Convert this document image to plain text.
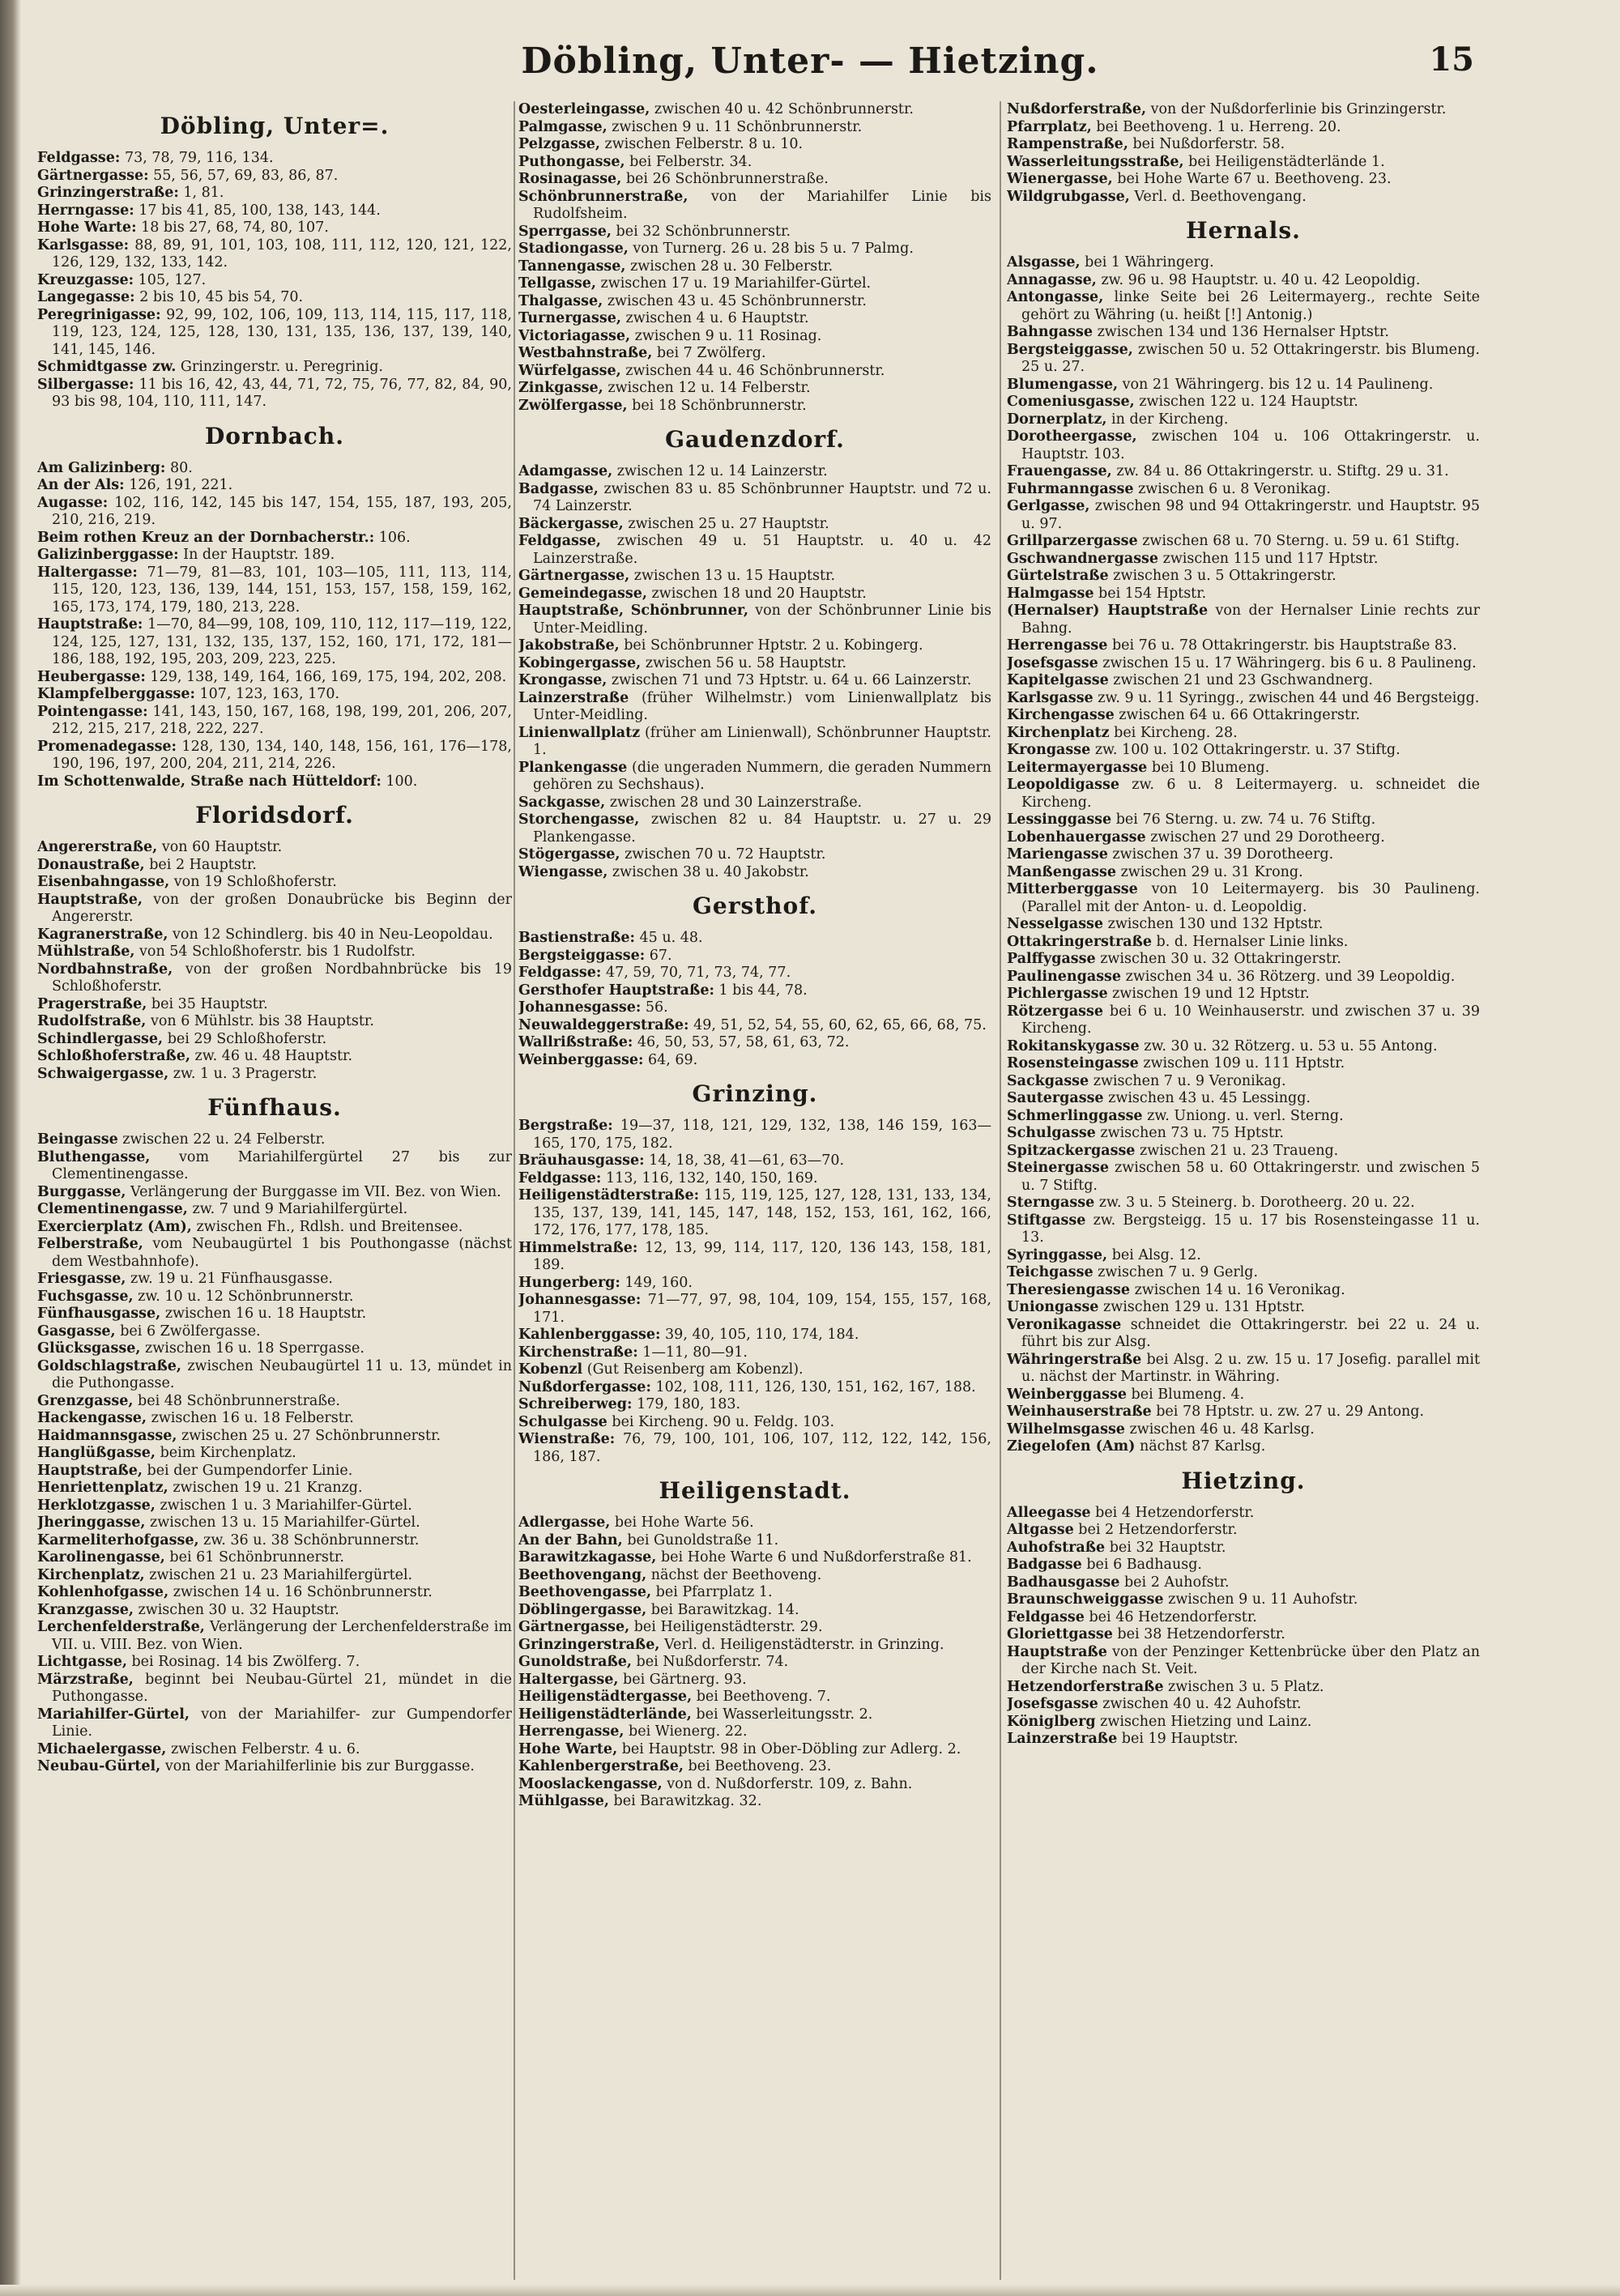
Döbling, Unter- — Hietzing.	15
Döbling, Unter=.

Feldgasse: 73, 78, 79, 116, 134.

Gärtnergasse: 55, 56, 57, 69, 83, 86, 87.

Grinzingerstraße: 1, 81.

Herrngasse: 17 bis 41, 85, 100, 138, 143, 144.

Hohe Warte: 18 bis 27, 68, 74, 80, 107.

Karlsgasse: 88, 89, 91, 101, 103, 108, 111, 112, 120, 121, 122, 126, 129, 132, 133, 142.

Kreuzgasse: 105, 127.

Langegasse: 2 bis 10, 45 bis 54, 70.

Peregrinigasse: 92, 99, 102, 106, 109, 113, 114, 115, 117, 118, 119, 123, 124, 125, 128, 130, 131, 135, 136, 137, 139, 140, 141, 145, 146.

Schmidtgasse zw. Grinzingerstr. u. Peregrinig.

Silbergasse: 11 bis 16, 42, 43, 44, 71, 72, 75, 76, 77, 82, 84, 90, 93 bis 98, 104, 110, 111, 147.

Dornbach.

Am Galizinberg: 80.

An der Als: 126, 191, 221.

Augasse: 102, 116, 142, 145 bis 147, 154, 155, 187, 193, 205, 210, 216, 219.

Beim rothen Kreuz an der Dornbacherstr.: 106.

Galizinberggasse: In der Hauptstr. 189.

Haltergasse: 71—79, 81—83, 101, 103—105, 111, 113, 114, 115, 120, 123, 136, 139, 144, 151, 153, 157, 158, 159, 162, 165, 173, 174, 179, 180, 213, 228.

Hauptstraße: 1—70, 84—99, 108, 109, 110, 112, 117—119, 122, 124, 125, 127, 131, 132, 135, 137, 152, 160, 171, 172, 181—186, 188, 192, 195, 203, 209, 223, 225.

Heubergasse: 129, 138, 149, 164, 166, 169, 175, 194, 202, 208.

Klampfelberggasse: 107, 123, 163, 170.

Pointengasse: 141, 143, 150, 167, 168, 198, 199, 201, 206, 207, 212, 215, 217, 218, 222, 227.

Promenadegasse: 128, 130, 134, 140, 148, 156, 161, 176—178, 190, 196, 197, 200, 204, 211, 214, 226.

Im Schottenwalde, Straße nach Hütteldorf: 100.

Floridsdorf.

Angererstraße, von 60 Hauptstr.

Donaustraße, bei 2 Hauptstr.

Eisenbahngasse, von 19 Schloßhoferstr.

Hauptstraße, von der großen Donaubrücke bis Beginn der Angererstr.

Kagranerstraße, von 12 Schindlerg. bis 40 in Neu-Leopoldau.

Mühlstraße, von 54 Schloßhoferstr. bis 1 Rudolfstr.

Nordbahnstraße, von der großen Nordbahnbrücke bis 19 Schloßhoferstr.

Pragerstraße, bei 35 Hauptstr.

Rudolfstraße, von 6 Mühlstr. bis 38 Hauptstr.

Schindlergasse, bei 29 Schloßhoferstr.

Schloßhoferstraße, zw. 46 u. 48 Hauptstr.

Schwaigergasse, zw. 1 u. 3 Pragerstr.

Fünfhaus.

Beingasse zwischen 22 u. 24 Felberstr.

Bluthengasse, vom Mariahilfergürtel 27 bis zur Clementinengasse.

Burggasse, Verlängerung der Burggasse im VII. Bez. von Wien.

Clementinengasse, zw. 7 und 9 Mariahilfergürtel.

Exercierplatz (Am), zwischen Fh., Rdlsh. und Breitensee.

Felberstraße, vom Neubaugürtel 1 bis Pouthongasse (nächst dem Westbahnhofe).

Friesgasse, zw. 19 u. 21 Fünfhausgasse.

Fuchsgasse, zw. 10 u. 12 Schönbrunnerstr.

Fünfhausgasse, zwischen 16 u. 18 Hauptstr.

Gasgasse, bei 6 Zwölfergasse.

Glücksgasse, zwischen 16 u. 18 Sperrgasse.

Goldschlagstraße, zwischen Neubaugürtel 11 u. 13, mündet in die Puthongasse.

Grenzgasse, bei 48 Schönbrunnerstraße.

Hackengasse, zwischen 16 u. 18 Felberstr.

Haidmannsgasse, zwischen 25 u. 27 Schönbrunnerstr.

Hanglüßgasse, beim Kirchenplatz.

Hauptstraße, bei der Gumpendorfer Linie.

Henriettenplatz, zwischen 19 u. 21 Kranzg.

Herklotzgasse, zwischen 1 u. 3 Mariahilfer-Gürtel.

Jheringgasse, zwischen 13 u. 15 Mariahilfer-Gürtel.

Karmeliterhofgasse, zw. 36 u. 38 Schönbrunnerstr.

Karolinengasse, bei 61 Schönbrunnerstr.

Kirchenplatz, zwischen 21 u. 23 Mariahilfergürtel.

Kohlenhofgasse, zwischen 14 u. 16 Schönbrunnerstr.

Kranzgasse, zwischen 30 u. 32 Hauptstr.

Lerchenfelderstraße, Verlängerung der Lerchenfelderstraße im VII. u. VIII. Bez. von Wien.

Lichtgasse, bei Rosinag. 14 bis Zwölferg. 7.

Märzstraße, beginnt bei Neubau-Gürtel 21, mündet in die Puthongasse.

Mariahilfer-Gürtel, von der Mariahilfer- zur Gumpendorfer Linie.

Michaelergasse, zwischen Felberstr. 4 u. 6.

Neubau-Gürtel, von der Mariahilferlinie bis zur Burggasse.

Oesterleingasse, zwischen 40 u. 42 Schönbrunnerstr.

Palmgasse, zwischen 9 u. 11 Schönbrunnerstr.

Pelzgasse, zwischen Felberstr. 8 u. 10.

Puthongasse, bei Felberstr. 34.

Rosinagasse, bei 26 Schönbrunnerstraße.

Schönbrunnerstraße, von der Mariahilfer Linie bis Rudolfsheim.

Sperrgasse, bei 32 Schönbrunnerstr.

Stadiongasse, von Turnerg. 26 u. 28 bis 5 u. 7 Palmg.

Tannengasse, zwischen 28 u. 30 Felberstr.

Tellgasse, zwischen 17 u. 19 Mariahilfer-Gürtel.

Thalgasse, zwischen 43 u. 45 Schönbrunnerstr.

Turnergasse, zwischen 4 u. 6 Hauptstr.

Victoriagasse, zwischen 9 u. 11 Rosinag.

Westbahnstraße, bei 7 Zwölferg.

Würfelgasse, zwischen 44 u. 46 Schönbrunnerstr.

Zinkgasse, zwischen 12 u. 14 Felberstr.

Zwölfergasse, bei 18 Schönbrunnerstr.

Gaudenzdorf.

Adamgasse, zwischen 12 u. 14 Lainzerstr.

Badgasse, zwischen 83 u. 85 Schönbrunner Hauptstr. und 72 u. 74 Lainzerstr.

Bäckergasse, zwischen 25 u. 27 Hauptstr.

Feldgasse, zwischen 49 u. 51 Hauptstr. u. 40 u. 42 Lainzerstraße.

Gärtnergasse, zwischen 13 u. 15 Hauptstr.

Gemeindegasse, zwischen 18 und 20 Hauptstr.

Hauptstraße, Schönbrunner, von der Schönbrunner Linie bis Unter-Meidling.

Jakobstraße, bei Schönbrunner Hptstr. 2 u. Kobingerg.

Kobingergasse, zwischen 56 u. 58 Hauptstr.

Krongasse, zwischen 71 und 73 Hptstr. u. 64 u. 66 Lainzerstr.

Lainzerstraße (früher Wilhelmstr.) vom Linienwallplatz bis Unter-Meidling.

Linienwallplatz (früher am Linienwall), Schönbrunner Hauptstr. 1.

Plankengasse (die ungeraden Nummern, die geraden Nummern gehören zu Sechshaus).

Sackgasse, zwischen 28 und 30 Lainzerstraße.

Storchengasse, zwischen 82 u. 84 Hauptstr. u. 27 u. 29 Plankengasse.

Stögergasse, zwischen 70 u. 72 Hauptstr.

Wiengasse, zwischen 38 u. 40 Jakobstr.

Gersthof.

Bastienstraße: 45 u. 48.

Bergsteiggasse: 67.

Feldgasse: 47, 59, 70, 71, 73, 74, 77.

Gersthofer Hauptstraße: 1 bis 44, 78.

Johannesgasse: 56.

Neuwaldeggerstraße: 49, 51, 52, 54, 55, 60, 62, 65, 66, 68, 75.

Wallrißstraße: 46, 50, 53, 57, 58, 61, 63, 72.

Weinberggasse: 64, 69.

Grinzing.

Bergstraße: 19—37, 118, 121, 129, 132, 138, 146 159, 163—165, 170, 175, 182.

Bräuhausgasse: 14, 18, 38, 41—61, 63—70.

Feldgasse: 113, 116, 132, 140, 150, 169.

Heiligenstädterstraße: 115, 119, 125, 127, 128, 131, 133, 134, 135, 137, 139, 141, 145, 147, 148, 152, 153, 161, 162, 166, 172, 176, 177, 178, 185.

Himmelstraße: 12, 13, 99, 114, 117, 120, 136 143, 158, 181, 189.

Hungerberg: 149, 160.

Johannesgasse: 71—77, 97, 98, 104, 109, 154, 155, 157, 168, 171.

Kahlenberggasse: 39, 40, 105, 110, 174, 184.

Kirchenstraße: 1—11, 80—91.

Kobenzl (Gut Reisenberg am Kobenzl).

Nußdorfergasse: 102, 108, 111, 126, 130, 151, 162, 167, 188.

Schreiberweg: 179, 180, 183.

Schulgasse bei Kircheng. 90 u. Feldg. 103.

Wienstraße: 76, 79, 100, 101, 106, 107, 112, 122, 142, 156, 186, 187.

Heiligenstadt.

Adlergasse, bei Hohe Warte 56.

An der Bahn, bei Gunoldstraße 11.

Barawitzkagasse, bei Hohe Warte 6 und Nußdorferstraße 81.

Beethovengang, nächst der Beethoveng.

Beethovengasse, bei Pfarrplatz 1.

Döblingergasse, bei Barawitzkag. 14.

Gärtnergasse, bei Heiligenstädterstr. 29.

Grinzingerstraße, Verl. d. Heiligenstädterstr. in Grinzing.

Gunoldstraße, bei Nußdorferstr. 74.

Haltergasse, bei Gärtnerg. 93.

Heiligenstädtergasse, bei Beethoveng. 7.

Heiligenstädterlände, bei Wasserleitungsstr. 2.

Herrengasse, bei Wienerg. 22.

Hohe Warte, bei Hauptstr. 98 in Ober-Döbling zur Adlerg. 2.

Kahlenbergerstraße, bei Beethoveng. 23.

Mooslackengasse, von d. Nußdorferstr. 109, z. Bahn.

Mühlgasse, bei Barawitzkag. 32.

Nußdorferstraße, von der Nußdorferlinie bis Grinzingerstr.

Pfarrplatz, bei Beethoveng. 1 u. Herreng. 20.

Rampenstraße, bei Nußdorferstr. 58.

Wasserleitungsstraße, bei Heiligenstädterlände 1.

Wienergasse, bei Hohe Warte 67 u. Beethoveng. 23.

Wildgrubgasse, Verl. d. Beethovengang.

Hernals.

Alsgasse, bei 1 Währingerg.

Annagasse, zw. 96 u. 98 Hauptstr. u. 40 u. 42 Leopoldig.

Antongasse, linke Seite bei 26 Leitermayerg., rechte Seite gehört zu Währing (u. heißt [!] Antonig.)

Bahngasse zwischen 134 und 136 Hernalser Hptstr.

Bergsteiggasse, zwischen 50 u. 52 Ottakringerstr. bis Blumeng. 25 u. 27.

Blumengasse, von 21 Währingerg. bis 12 u. 14 Paulineng.

Comeniusgasse, zwischen 122 u. 124 Hauptstr.

Dornerplatz, in der Kircheng.

Dorotheergasse, zwischen 104 u. 106 Ottakringerstr. u. Hauptstr. 103.

Frauengasse, zw. 84 u. 86 Ottakringerstr. u. Stiftg. 29 u. 31.

Fuhrmanngasse zwischen 6 u. 8 Veronikag.

Gerlgasse, zwischen 98 und 94 Ottakringerstr. und Hauptstr. 95 u. 97.

Grillparzergasse zwischen 68 u. 70 Sterng. u. 59 u. 61 Stiftg.

Gschwandnergasse zwischen 115 und 117 Hptstr.

Gürtelstraße zwischen 3 u. 5 Ottakringerstr.

Halmgasse bei 154 Hptstr.

(Hernalser) Hauptstraße von der Hernalser Linie rechts zur Bahng.

Herrengasse bei 76 u. 78 Ottakringerstr. bis Hauptstraße 83.

Josefsgasse zwischen 15 u. 17 Währingerg. bis 6 u. 8 Paulineng.

Kapitelgasse zwischen 21 und 23 Gschwandnerg.

Karlsgasse zw. 9 u. 11 Syringg., zwischen 44 und 46 Bergsteigg.

Kirchengasse zwischen 64 u. 66 Ottakringerstr.

Kirchenplatz bei Kircheng. 28.

Krongasse zw. 100 u. 102 Ottakringerstr. u. 37 Stiftg.

Leitermayergasse bei 10 Blumeng.

Leopoldigasse zw. 6 u. 8 Leitermayerg. u. schneidet die Kircheng.

Lessinggasse bei 76 Sterng. u. zw. 74 u. 76 Stiftg.

Lobenhauergasse zwischen 27 und 29 Dorotheerg.

Mariengasse zwischen 37 u. 39 Dorotheerg.

Manßengasse zwischen 29 u. 31 Krong.

Mitterberggasse von 10 Leitermayerg. bis 30 Paulineng. (Parallel mit der Anton- u. d. Leopoldig.

Nesselgasse zwischen 130 und 132 Hptstr.

Ottakringerstraße b. d. Hernalser Linie links.

Palffygasse zwischen 30 u. 32 Ottakringerstr.

Paulinengasse zwischen 34 u. 36 Rötzerg. und 39 Leopoldig.

Pichlergasse zwischen 19 und 12 Hptstr.

Rötzergasse bei 6 u. 10 Weinhauserstr. und zwischen 37 u. 39 Kircheng.

Rokitanskygasse zw. 30 u. 32 Rötzerg. u. 53 u. 55 Antong.

Rosensteingasse zwischen 109 u. 111 Hptstr.

Sackgasse zwischen 7 u. 9 Veronikag.

Sautergasse zwischen 43 u. 45 Lessingg.

Schmerlinggasse zw. Uniong. u. verl. Sterng.

Schulgasse zwischen 73 u. 75 Hptstr.

Spitzackergasse zwischen 21 u. 23 Traueng.

Steinergasse zwischen 58 u. 60 Ottakringerstr. und zwischen 5 u. 7 Stiftg.

Sterngasse zw. 3 u. 5 Steinerg. b. Dorotheerg. 20 u. 22.

Stiftgasse zw. Bergsteigg. 15 u. 17 bis Rosensteingasse 11 u. 13.

Syringgasse, bei Alsg. 12.

Teichgasse zwischen 7 u. 9 Gerlg.

Theresiengasse zwischen 14 u. 16 Veronikag.

Uniongasse zwischen 129 u. 131 Hptstr.

Veronikagasse schneidet die Ottakringerstr. bei 22 u. 24 u. führt bis zur Alsg.

Währingerstraße bei Alsg. 2 u. zw. 15 u. 17 Josefig. parallel mit u. nächst der Martinstr. in Währing.

Weinberggasse bei Blumeng. 4.

Weinhauserstraße bei 78 Hptstr. u. zw. 27 u. 29 Antong.

Wilhelmsgasse zwischen 46 u. 48 Karlsg.

Ziegelofen (Am) nächst 87 Karlsg.

Hietzing.

Alleegasse bei 4 Hetzendorferstr.

Altgasse bei 2 Hetzendorferstr.

Auhofstraße bei 32 Hauptstr.

Badgasse bei 6 Badhausg.

Badhausgasse bei 2 Auhofstr.

Braunschweiggasse zwischen 9 u. 11 Auhofstr.

Feldgasse bei 46 Hetzendorferstr.

Gloriettgasse bei 38 Hetzendorferstr.

Hauptstraße von der Penzinger Kettenbrücke über den Platz an der Kirche nach St. Veit.

Hetzendorferstraße zwischen 3 u. 5 Platz.

Josefsgasse zwischen 40 u. 42 Auhofstr.

Königlberg zwischen Hietzing und Lainz.

Lainzerstraße bei 19 Hauptstr.
